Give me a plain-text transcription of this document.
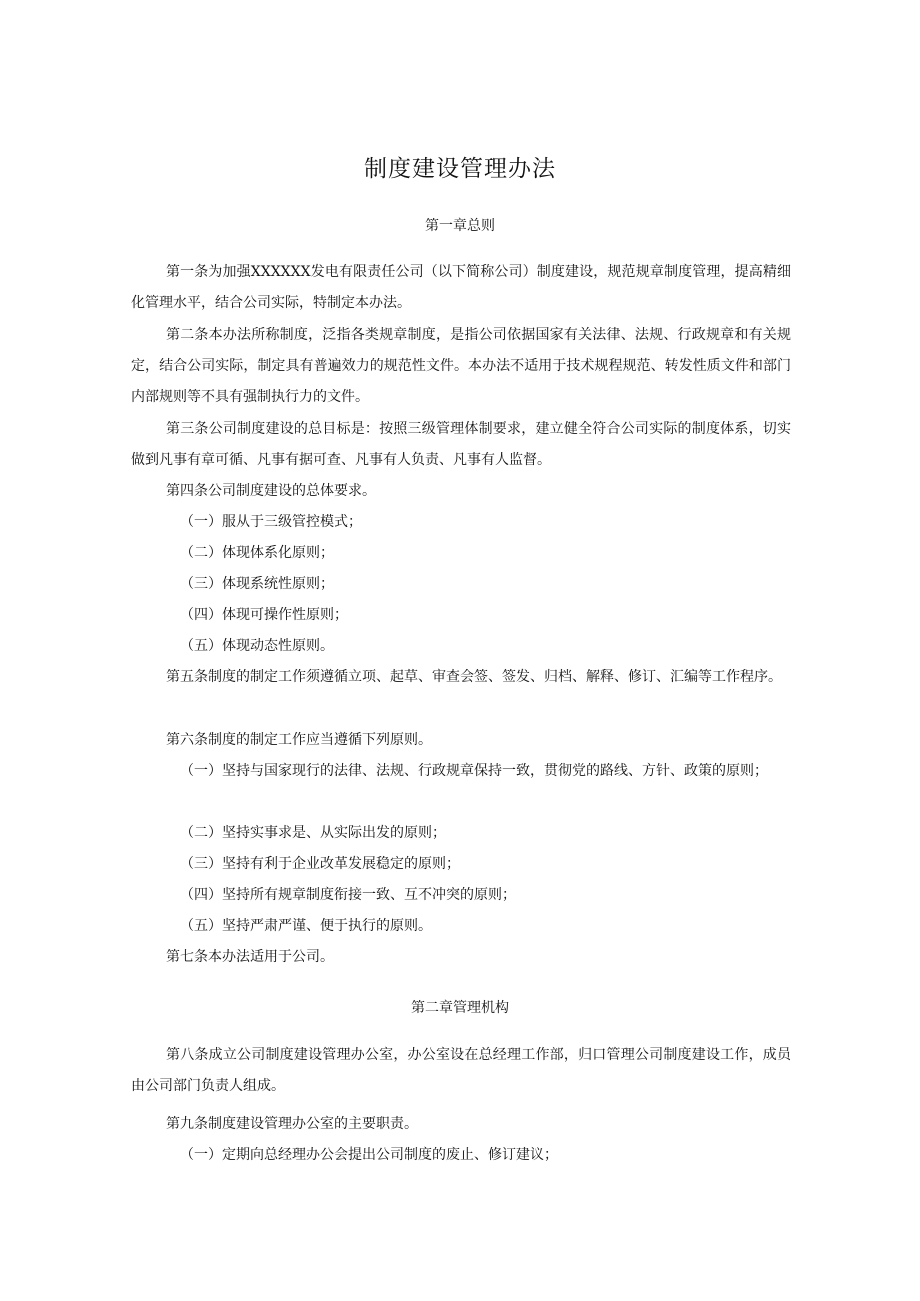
制度建设管理办法
第一章总则

第一条为加强XXXXXX发电有限责任公司（以下简称公司）制度建设，规范规章制度管理，提高精细化管理水平，结合公司实际，特制定本办法。

第二条本办法所称制度，泛指各类规章制度，是指公司依据国家有关法律、法规、行政规章和有关规定，结合公司实际，制定具有普遍效力的规范性文件。本办法不适用于技术规程规范、转发性质文件和部门内部规则等不具有强制执行力的文件。

第三条公司制度建设的总目标是：按照三级管理体制要求，建立健全符合公司实际的制度体系，切实做到凡事有章可循、凡事有据可查、凡事有人负责、凡事有人监督。

第四条公司制度建设的总体要求。

（一）服从于三级管控模式；

（二）体现体系化原则；

（三）体现系统性原则；

（四）体现可操作性原则；

（五）体现动态性原则。

第五条制度的制定工作须遵循立项、起草、审查会签、签发、归档、解释、修订、汇编等工作程序。

第六条制度的制定工作应当遵循下列原则。

（一）坚持与国家现行的法律、法规、行政规章保持一致，贯彻党的路线、方针、政策的原则；

（二）坚持实事求是、从实际出发的原则；

（三）坚持有利于企业改革发展稳定的原则；

（四）坚持所有规章制度衔接一致、互不冲突的原则；

（五）坚持严肃严谨、便于执行的原则。

第七条本办法适用于公司。

第二章管理机构

第八条成立公司制度建设管理办公室，办公室设在总经理工作部，归口管理公司制度建设工作，成员由公司部门负责人组成。

第九条制度建设管理办公室的主要职责。

（一）定期向总经理办公会提出公司制度的废止、修订建议；
